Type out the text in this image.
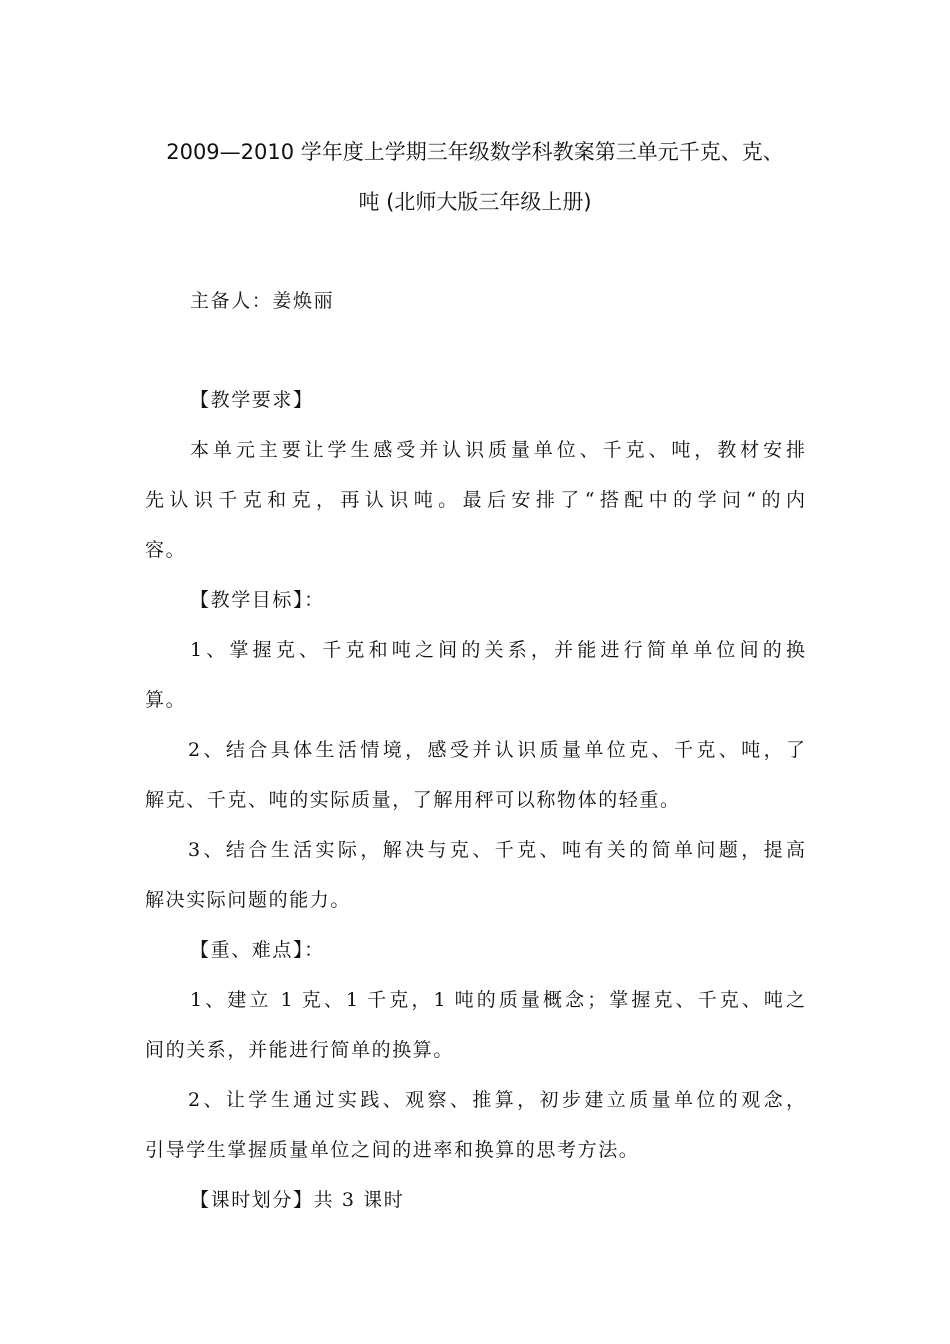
2009—2010 学年度上学期三年级数学科教案第三单元千克、克、
吨 (北师大版三年级上册)
主备人：姜焕丽
【教学要求】
本单元主要让学生感受并认识质量单位、千克、吨，教材安排
先认识千克和克，再认识吨。最后安排了“搭配中的学问“的内
容。
【教学目标】：
1、掌握克、千克和吨之间的关系，并能进行简单单位间的换
算。
2、结合具体生活情境，感受并认识质量单位克、千克、吨，了
解克、千克、吨的实际质量，了解用秤可以称物体的轻重。
3、结合生活实际，解决与克、千克、吨有关的简单问题，提高
解决实际问题的能力。
【重、难点】：
1、建立 1 克、1 千克，1 吨的质量概念；掌握克、千克、吨之
间的关系，并能进行简单的换算。
2、让学生通过实践、观察、推算，初步建立质量单位的观念，
引导学生掌握质量单位之间的进率和换算的思考方法。
【课时划分】共 3 课时
